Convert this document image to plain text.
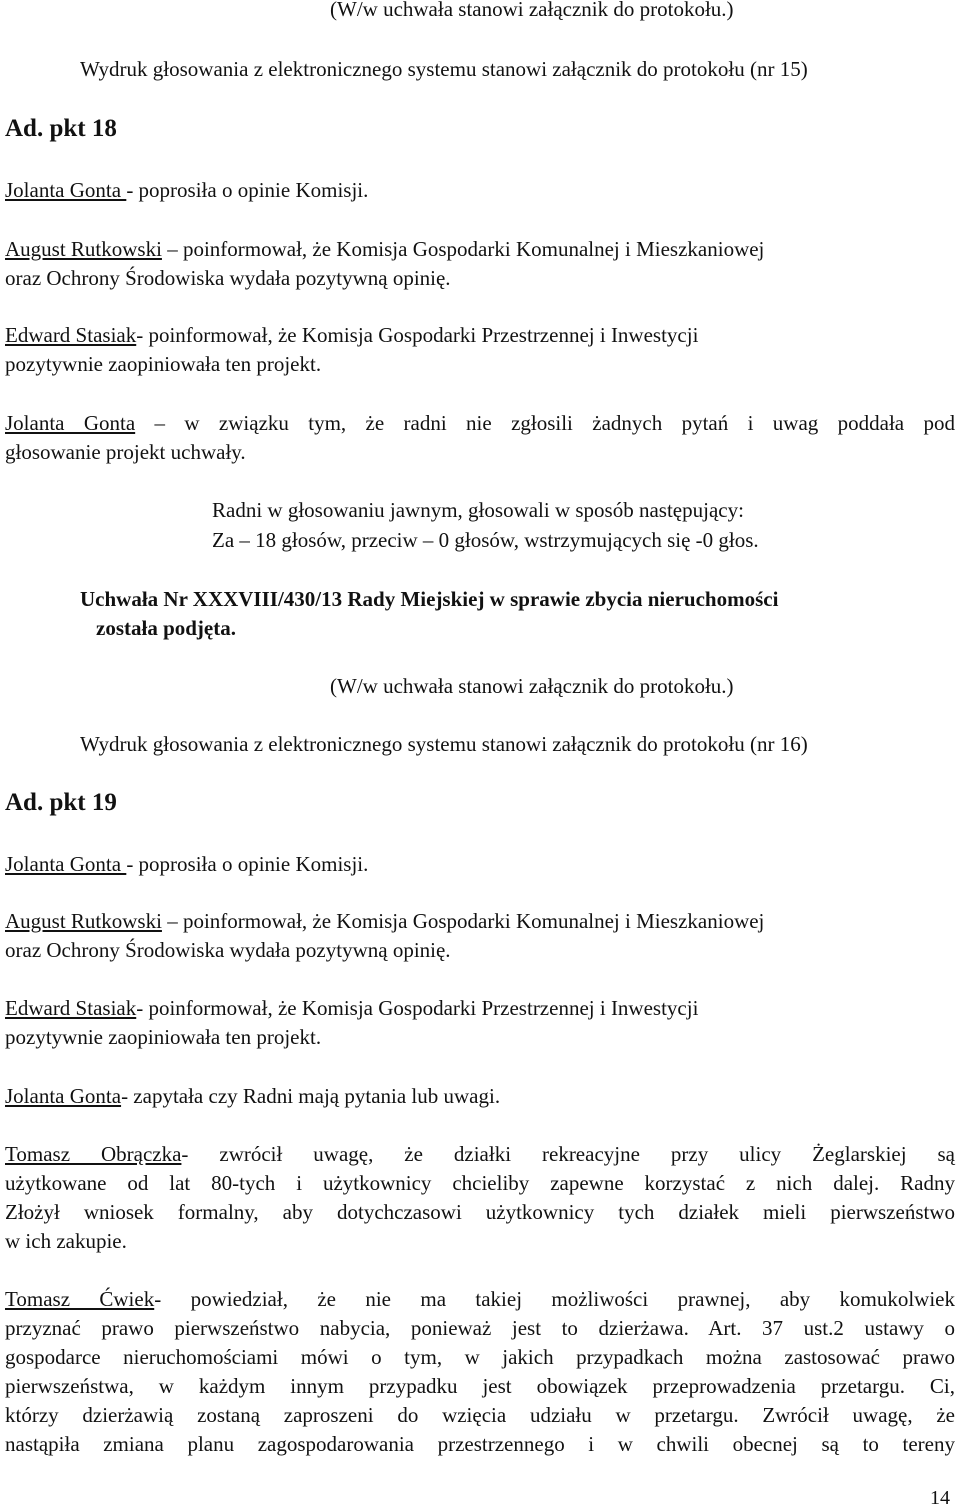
(W/w uchwała stanowi załącznik do protokołu.)
Wydruk głosowania z elektronicznego systemu stanowi załącznik do protokołu (nr 15)
Ad. pkt 18
Jolanta Gonta - poprosiła o opinie Komisji.
August Rutkowski – poinformował, że Komisja Gospodarki Komunalnej i Mieszkaniowej
oraz Ochrony Środowiska wydała pozytywną opinię.
Edward Stasiak- poinformował, że Komisja Gospodarki Przestrzennej i Inwestycji
pozytywnie zaopiniowała ten projekt.
Jolanta Gonta – w związku tym, że radni nie zgłosili żadnych pytań i uwag poddała pod
głosowanie projekt uchwały.
Radni w głosowaniu jawnym, głosowali w sposób następujący:
Za – 18 głosów, przeciw – 0 głosów, wstrzymujących się -0 głos.
Uchwała Nr XXXVIII/430/13 Rady Miejskiej w sprawie zbycia nieruchomości
została podjęta.
(W/w uchwała stanowi załącznik do protokołu.)
Wydruk głosowania z elektronicznego systemu stanowi załącznik do protokołu (nr 16)
Ad. pkt 19
Jolanta Gonta - poprosiła o opinie Komisji.
August Rutkowski – poinformował, że Komisja Gospodarki Komunalnej i Mieszkaniowej
oraz Ochrony Środowiska wydała pozytywną opinię.
Edward Stasiak- poinformował, że Komisja Gospodarki Przestrzennej i Inwestycji
pozytywnie zaopiniowała ten projekt.
Jolanta Gonta- zapytała czy Radni mają pytania lub uwagi.
Tomasz Obrączka- zwrócił uwagę, że działki rekreacyjne przy ulicy Żeglarskiej są
użytkowane od lat 80-tych i użytkownicy chcieliby zapewne korzystać z nich dalej. Radny
Złożył wniosek formalny, aby dotychczasowi użytkownicy tych działek mieli pierwszeństwo
w ich zakupie.
Tomasz Ćwiek- powiedział, że nie ma takiej możliwości prawnej, aby komukolwiek
przyznać prawo pierwszeństwo nabycia, ponieważ jest to dzierżawa. Art. 37 ust.2 ustawy o
gospodarce nieruchomościami mówi o tym, w jakich przypadkach można zastosować prawo
pierwszeństwa, w każdym innym przypadku jest obowiązek przeprowadzenia przetargu. Ci,
którzy dzierżawią zostaną zaproszeni do wzięcia udziału w przetargu. Zwrócił uwagę, że
nastąpiła zmiana planu zagospodarowania przestrzennego i w chwili obecnej są to tereny
14
